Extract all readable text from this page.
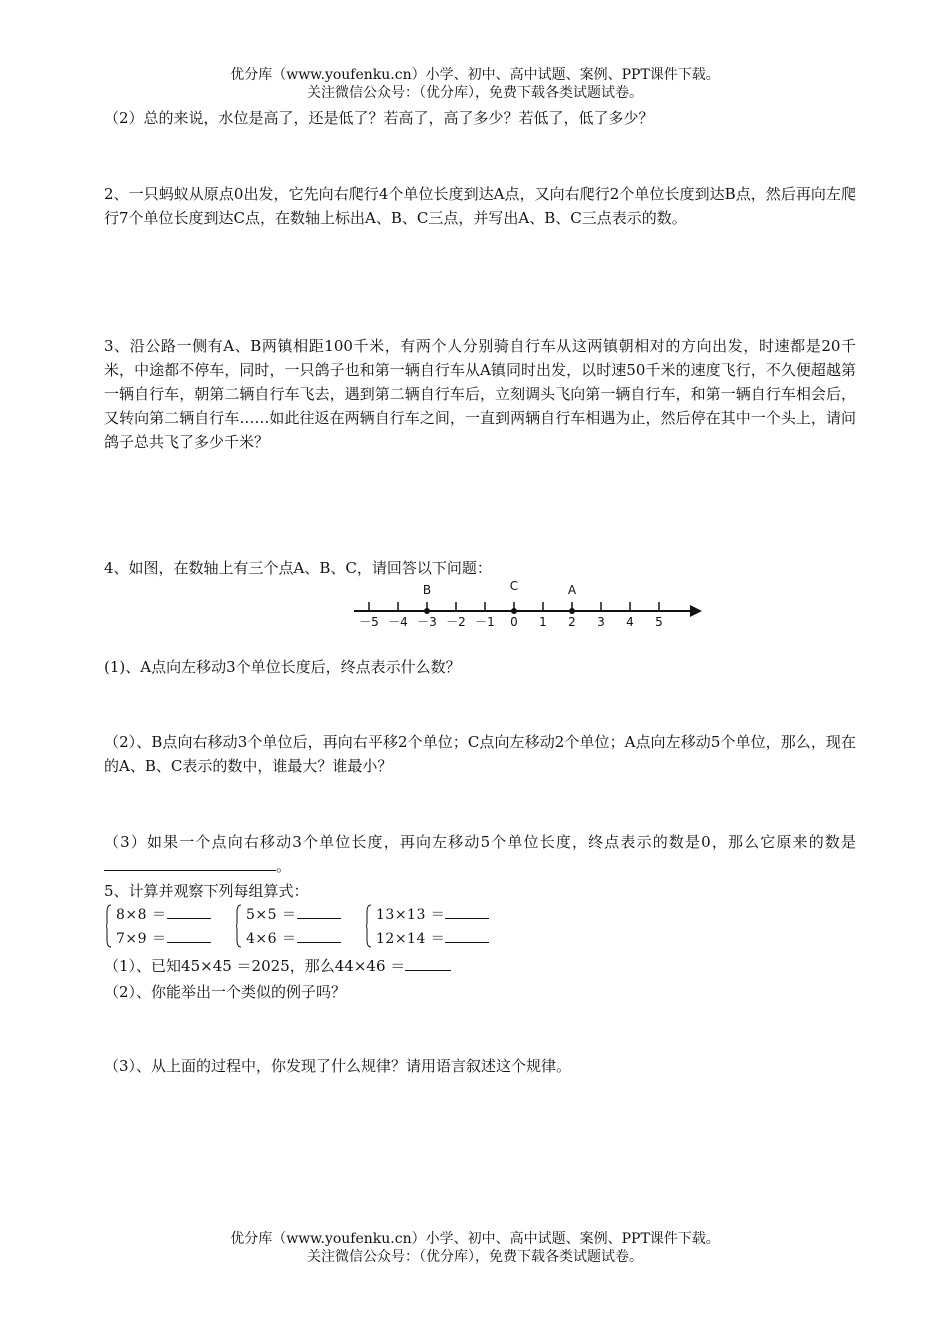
优分库（www.youfenku.cn）小学、初中、高中试题、案例、PPT课件下载。
关注微信公众号：（优分库），免费下载各类试题试卷。
（2）总的来说，水位是高了，还是低了？若高了，高了多少？若低了，低了多少？
2、一只蚂蚁从原点0出发，它先向右爬行4个单位长度到达A点，又向右爬行2个单位长度到达B点，然后再向左爬行7个单位长度到达C点，在数轴上标出A、B、C三点，并写出A、B、C三点表示的数。
3、沿公路一侧有A、B两镇相距100千米，有两个人分别骑自行车从这两镇朝相对的方向出发，时速都是20千米，中途都不停车，同时，一只鸽子也和第一辆自行车从A镇同时出发，以时速50千米的速度飞行，不久便超越第一辆自行车，朝第二辆自行车飞去，遇到第二辆自行车后，立刻调头飞向第一辆自行车，和第一辆自行车相会后，又转向第二辆自行车……如此往返在两辆自行车之间，一直到两辆自行车相遇为止，然后停在其中一个头上，请问鸽子总共飞了多少千米？
4、如图，在数轴上有三个点A、B、C，请回答以下问题：
－5 －4 －3 －2 －1 0 1 2 3 4 5
B	C	A
(1)、A点向左移动3个单位长度后，终点表示什么数？
（2）、B点向右移动3个单位后，再向右平移2个单位；C点向左移动2个单位；A点向左移动5个单位，那么，现在的A、B、C表示的数中，谁最大？谁最小？
（3）如果一个点向右移动3个单位长度，再向左移动5个单位长度，终点表示的数是0，那么它原来的数是。
5、计算并观察下列每组算式：
8×8 ＝
7×9 ＝
5×5 ＝
4×6 ＝
13×13 ＝
12×14 ＝
（1）、已知45×45 ＝2025，那么44×46 ＝
（2）、你能举出一个类似的例子吗？
（3）、从上面的过程中，你发现了什么规律？请用语言叙述这个规律。
优分库（www.youfenku.cn）小学、初中、高中试题、案例、PPT课件下载。
关注微信公众号：（优分库），免费下载各类试题试卷。
